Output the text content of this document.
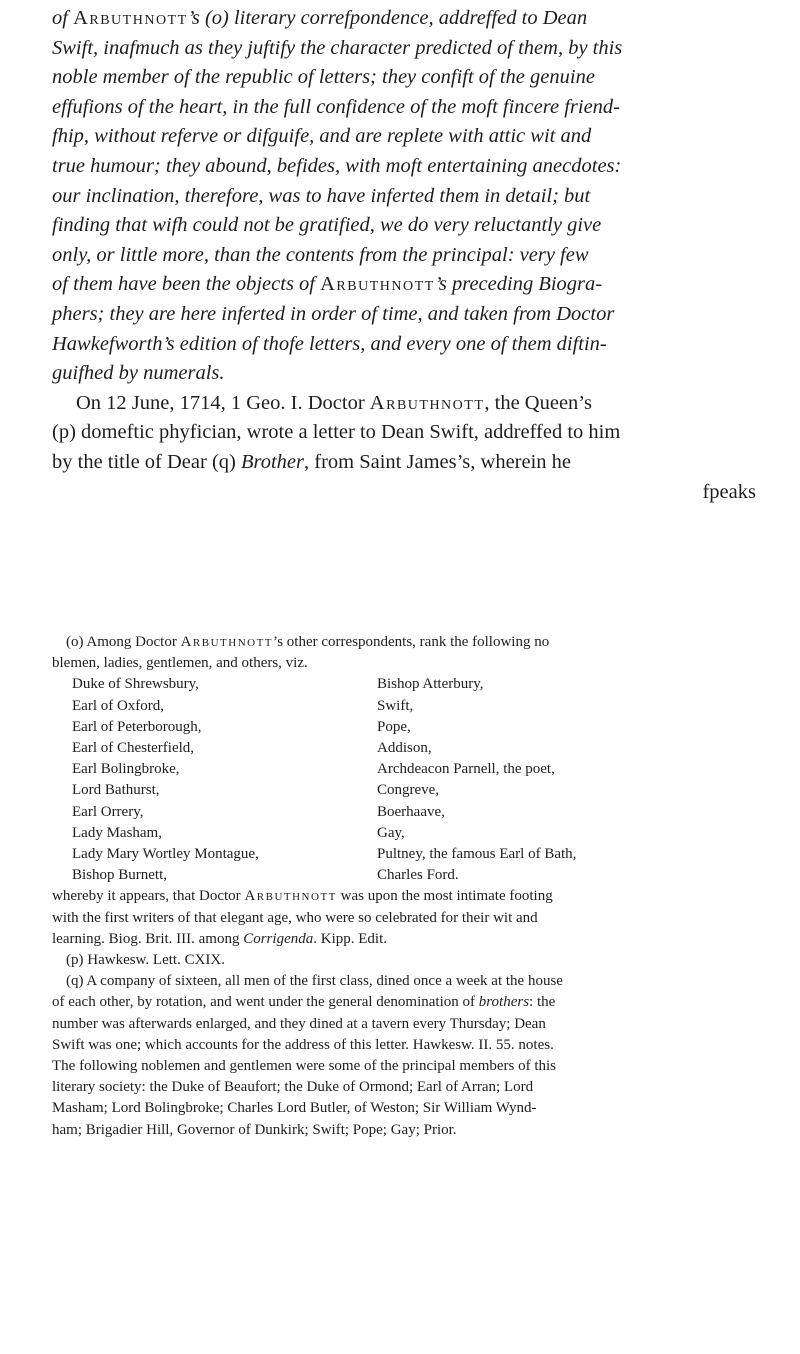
of Arbuthnott’s (o) literary correfpondence, addreffed to Dean
Swift, inafmuch as they juftify the character predicted of them, by this
noble member of the republic of letters; they confift of the genuine
effufions of the heart, in the full confidence of the moft fincere friend-
fhip, without referve or difguife, and are replete with attic wit and
true humour; they abound, befides, with moft entertaining anecdotes:
our inclination, therefore, was to have inferted them in detail; but
finding that wifh could not be gratified, we do very reluctantly give
only, or little more, than the contents from the principal: very few
of them have been the objects of Arbuthnott’s preceding Biogra-
phers; they are here inferted in order of time, and taken from Doctor
Hawkefworth’s edition of thofe letters, and every one of them diftin-
guifhed by numerals.
On 12 June, 1714, 1 Geo. I. Doctor Arbuthnott, the Queen’s
(p) domeftic phyfician, wrote a letter to Dean Swift, addreffed to him
by the title of Dear (q) Brother, from Saint James’s, wherein he
fpeaks
(o) Among Doctor Arbuthnott’s other correspondents, rank the following no
blemen, ladies, gentlemen, and others, viz.
Duke of Shrewsbury,
Earl of Oxford,
Earl of Peterborough,
Earl of Chesterfield,
Earl Bolingbroke,
Lord Bathurst,
Earl Orrery,
Lady Masham,
Lady Mary Wortley Montague,
Bishop Burnett,
Bishop Atterbury,
Swift,
Pope,
Addison,
Archdeacon Parnell, the poet,
Congreve,
Boerhaave,
Gay,
Pultney, the famous Earl of Bath,
Charles Ford.
whereby it appears, that Doctor Arbuthnott was upon the most intimate footing
with the first writers of that elegant age, who were so celebrated for their wit and
learning. Biog. Brit. III. among Corrigenda. Kipp. Edit.
(p) Hawkesw. Lett. CXIX.
(q) A company of sixteen, all men of the first class, dined once a week at the house
of each other, by rotation, and went under the general denomination of brothers: the
number was afterwards enlarged, and they dined at a tavern every Thursday; Dean
Swift was one; which accounts for the address of this letter. Hawkesw. II. 55. notes.
The following noblemen and gentlemen were some of the principal members of this
literary society: the Duke of Beaufort; the Duke of Ormond; Earl of Arran; Lord
Masham; Lord Bolingbroke; Charles Lord Butler, of Weston; Sir William Wynd-
ham; Brigadier Hill, Governor of Dunkirk; Swift; Pope; Gay; Prior.
